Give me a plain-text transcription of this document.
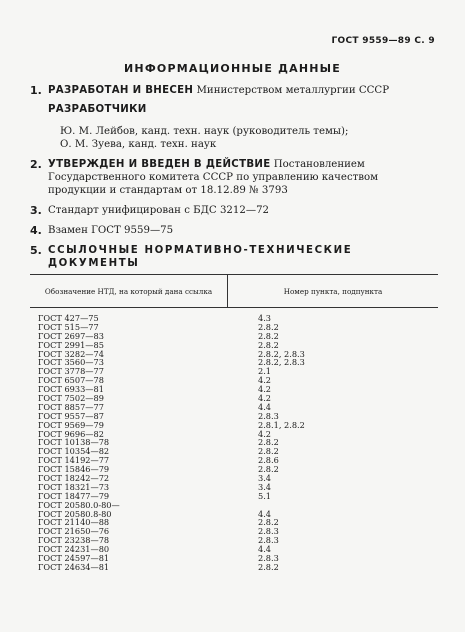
ГОСТ 9559—89 С. 9
ИНФОРМАЦИОННЫЕ ДАННЫЕ
1. РАЗРАБОТАН И ВНЕСЕН Министерством металлургии СССР
РАЗРАБОТЧИКИ
Ю. М. Лейбов, канд. техн. наук (руководитель темы);
О. М. Зуева, канд. техн. наук
2. УТВЕРЖДЕН И ВВЕДЕН В ДЕЙСТВИЕ Постановлением Государственного комитета СССР по управлению качеством продукции и стандартам от 18.12.89 № 3793
3. Стандарт унифицирован с БДС 3212—72
4. Взамен ГОСТ 9559—75
5. ССЫЛОЧНЫЕ НОРМАТИВНО-ТЕХНИЧЕСКИЕ ДОКУМЕНТЫ
Обозначение НТД, на который дана ссылка	Номер пункта, подпункта
ГОСТ 427—75	4.3
ГОСТ 515—77	2.8.2
ГОСТ 2697—83	2.8.2
ГОСТ 2991—85	2.8.2
ГОСТ 3282—74	2.8.2, 2.8.3
ГОСТ 3560—73	2.8.2, 2.8.3
ГОСТ 3778—77	2.1
ГОСТ 6507—78	4.2
ГОСТ 6933—81	4.2
ГОСТ 7502—89	4.2
ГОСТ 8857—77	4.4
ГОСТ 9557—87	2.8.3
ГОСТ 9569—79	2.8.1, 2.8.2
ГОСТ 9696—82	4.2
ГОСТ 10138—78	2.8.2
ГОСТ 10354—82	2.8.2
ГОСТ 14192—77	2.8.6
ГОСТ 15846—79	2.8.2
ГОСТ 18242—72	3.4
ГОСТ 18321—73	3.4
ГОСТ 18477—79	5.1
ГОСТ 20580.0-80—
ГОСТ 20580.8-80	4.4
ГОСТ 21140—88	2.8.2
ГОСТ 21650—76	2.8.3
ГОСТ 23238—78	2.8.3
ГОСТ 24231—80	4.4
ГОСТ 24597—81	2.8.3
ГОСТ 24634—81	2.8.2
